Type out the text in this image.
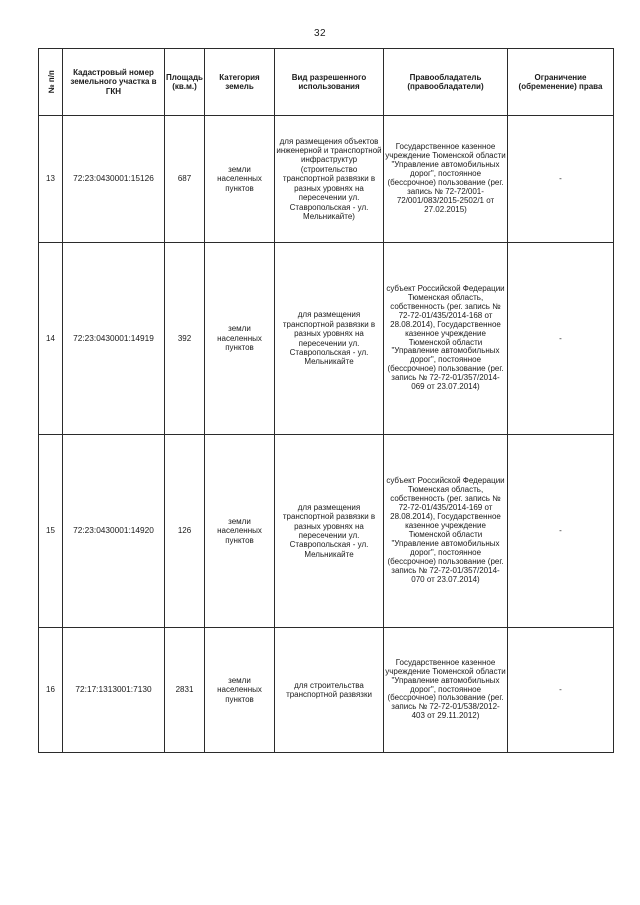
32
№ п/п	Кадастровый номер земельного участка в ГКН	Площадь (кв.м.)	Категория земель	Вид разрешенного использования	Правообладатель (правообладатели)	Ограничение (обременение) права
13	72:23:0430001:15126	687	земли населенных пунктов	для размещения объектов инженерной и транспортной инфраструктур (строительство транспортной развязки в разных уровнях на пересечении ул. Ставропольская - ул. Мельникайте)	Государственное казенное учреждение Тюменской области "Управление автомобильных дорог", постоянное (бессрочное) пользование (рег. запись № 72-72/001-72/001/083/2015-2502/1 от 27.02.2015)	-
14	72:23:0430001:14919	392	земли населенных пунктов	для размещения транспортной развязки в разных уровнях на пересечении ул. Ставропольская - ул. Мельникайте	субъект Российской Федерации Тюменская область, собственность (рег. запись № 72-72-01/435/2014-168 от 28.08.2014), Государственное казенное учреждение Тюменской области "Управление автомобильных дорог", постоянное (бессрочное) пользование (рег. запись № 72-72-01/357/2014-069 от 23.07.2014)	-
15	72:23:0430001:14920	126	земли населенных пунктов	для размещения транспортной развязки в разных уровнях на пересечении ул. Ставропольская - ул. Мельникайте	субъект Российской Федерации Тюменская область, собственность (рег. запись № 72-72-01/435/2014-169 от 28.08.2014), Государственное казенное учреждение Тюменской области "Управление автомобильных дорог", постоянное (бессрочное) пользование (рег. запись № 72-72-01/357/2014-070 от 23.07.2014)	-
16	72:17:1313001:7130	2831	земли населенных пунктов	для строительства транспортной развязки	Государственное казенное учреждение Тюменской области "Управление автомобильных дорог", постоянное (бессрочное) пользование (рег. запись № 72-72-01/538/2012-403 от 29.11.2012)	-
